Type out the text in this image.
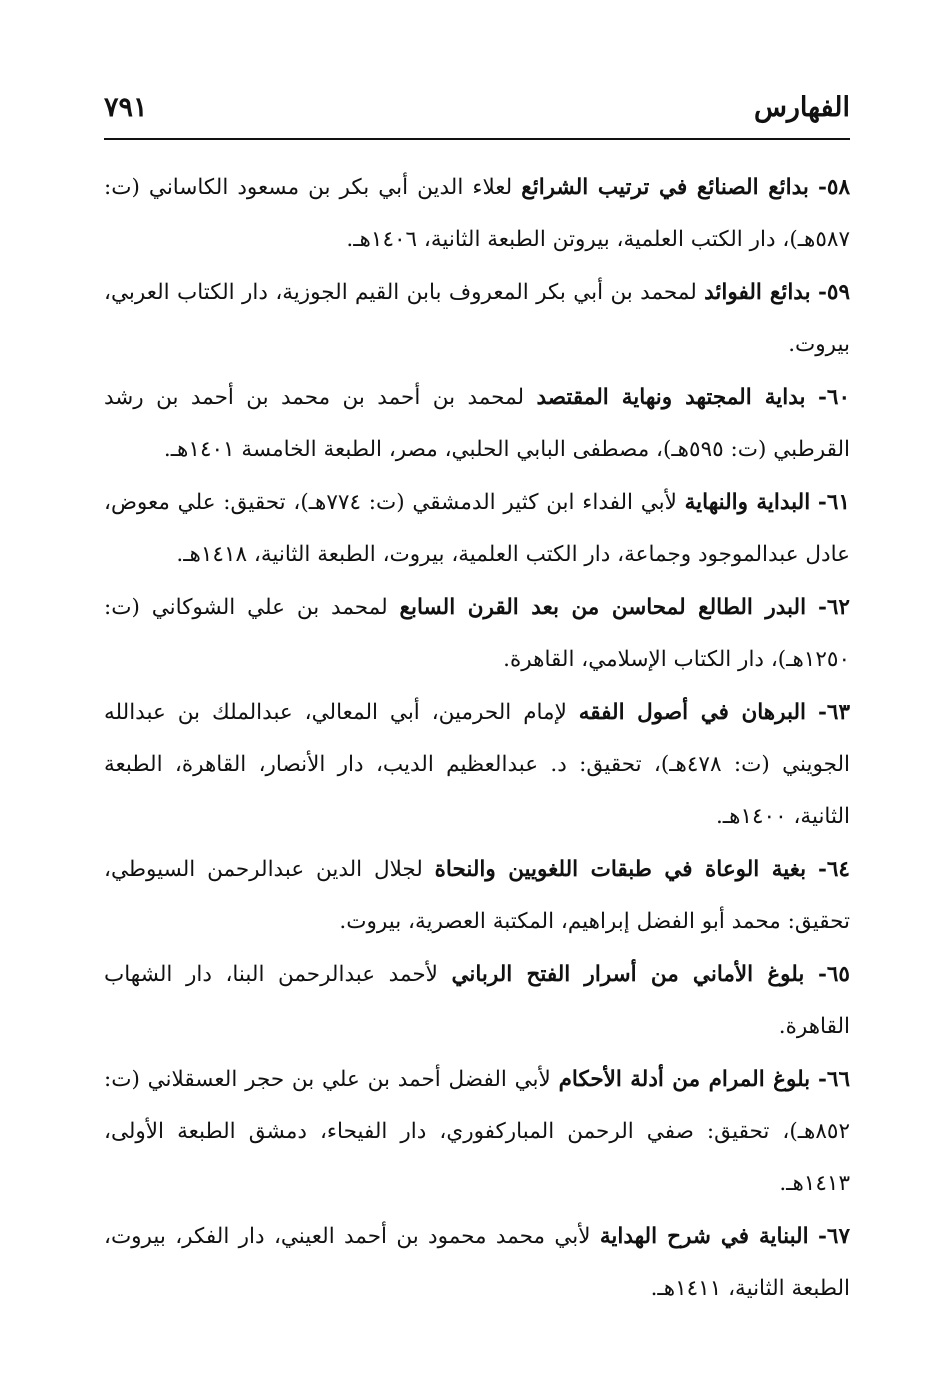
الفهارس
٧٩١

٥٨- بدائع الصنائع في ترتيب الشرائع لعلاء الدين أبي بكر بن مسعود الكاساني (ت: ٥٨٧هـ)، دار الكتب العلمية، بيروتن الطبعة الثانية، ١٤٠٦هـ.

٥٩- بدائع الفوائد لمحمد بن أبي بكر المعروف بابن القيم الجوزية، دار الكتاب العربي، بيروت.

٦٠- بداية المجتهد ونهاية المقتصد لمحمد بن أحمد بن محمد بن أحمد بن رشد القرطبي (ت: ٥٩٥هـ)، مصطفى البابي الحلبي، مصر، الطبعة الخامسة ١٤٠١هـ.

٦١- البداية والنهاية لأبي الفداء ابن كثير الدمشقي (ت: ٧٧٤هـ)، تحقيق: علي معوض، عادل عبدالموجود وجماعة، دار الكتب العلمية، بيروت، الطبعة الثانية، ١٤١٨هـ.

٦٢- البدر الطالع لمحاسن من بعد القرن السابع لمحمد بن علي الشوكاني (ت: ١٢٥٠هـ)، دار الكتاب الإسلامي، القاهرة.

٦٣- البرهان في أصول الفقه لإمام الحرمين، أبي المعالي، عبدالملك بن عبدالله الجويني (ت: ٤٧٨هـ)، تحقيق: د. عبدالعظيم الديب، دار الأنصار، القاهرة، الطبعة الثانية، ١٤٠٠هـ.

٦٤- بغية الوعاة في طبقات اللغويين والنحاة لجلال الدين عبدالرحمن السيوطي، تحقيق: محمد أبو الفضل إبراهيم، المكتبة العصرية، بيروت.

٦٥- بلوغ الأماني من أسرار الفتح الرباني لأحمد عبدالرحمن البنا، دار الشهاب القاهرة.

٦٦- بلوغ المرام من أدلة الأحكام لأبي الفضل أحمد بن علي بن حجر العسقلاني (ت: ٨٥٢هـ)، تحقيق: صفي الرحمن المباركفوري، دار الفيحاء، دمشق الطبعة الأولى، ١٤١٣هـ.

٦٧- البناية في شرح الهداية لأبي محمد محمود بن أحمد العيني، دار الفكر، بيروت، الطبعة الثانية، ١٤١١هـ.
